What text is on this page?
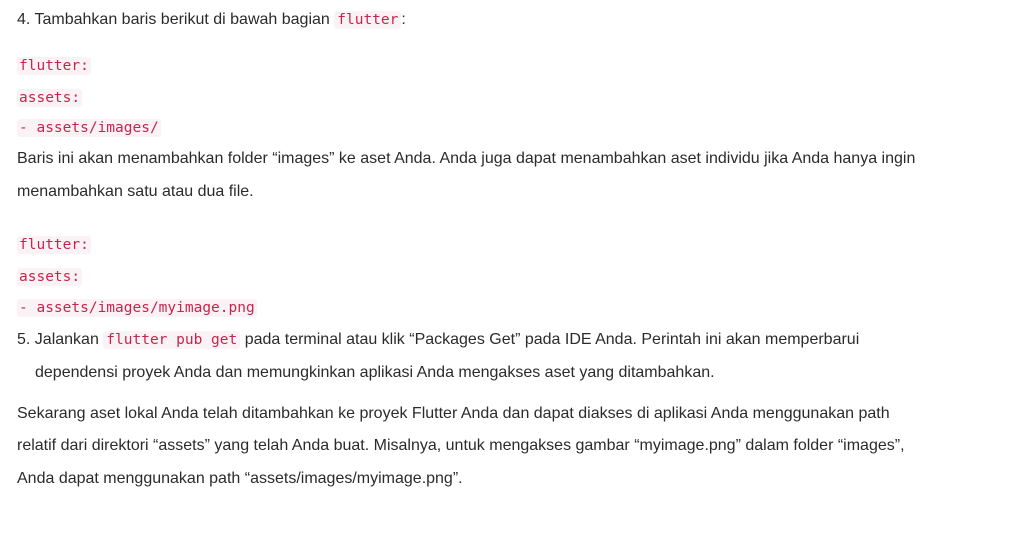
4. Tambahkan baris berikut di bawah bagian flutter :
flutter:
assets:
- assets/images/
Baris ini akan menambahkan folder “images” ke aset Anda. Anda juga dapat menambahkan aset individu jika Anda hanya ingin
menambahkan satu atau dua file.
flutter:
assets:
- assets/images/myimage.png
5. Jalankan flutter pub get pada terminal atau klik “Packages Get” pada IDE Anda. Perintah ini akan memperbarui
dependensi proyek Anda dan memungkinkan aplikasi Anda mengakses aset yang ditambahkan.
Sekarang aset lokal Anda telah ditambahkan ke proyek Flutter Anda dan dapat diakses di aplikasi Anda menggunakan path
relatif dari direktori “assets” yang telah Anda buat. Misalnya, untuk mengakses gambar “myimage.png” dalam folder “images”,
Anda dapat menggunakan path “assets/images/myimage.png”.
